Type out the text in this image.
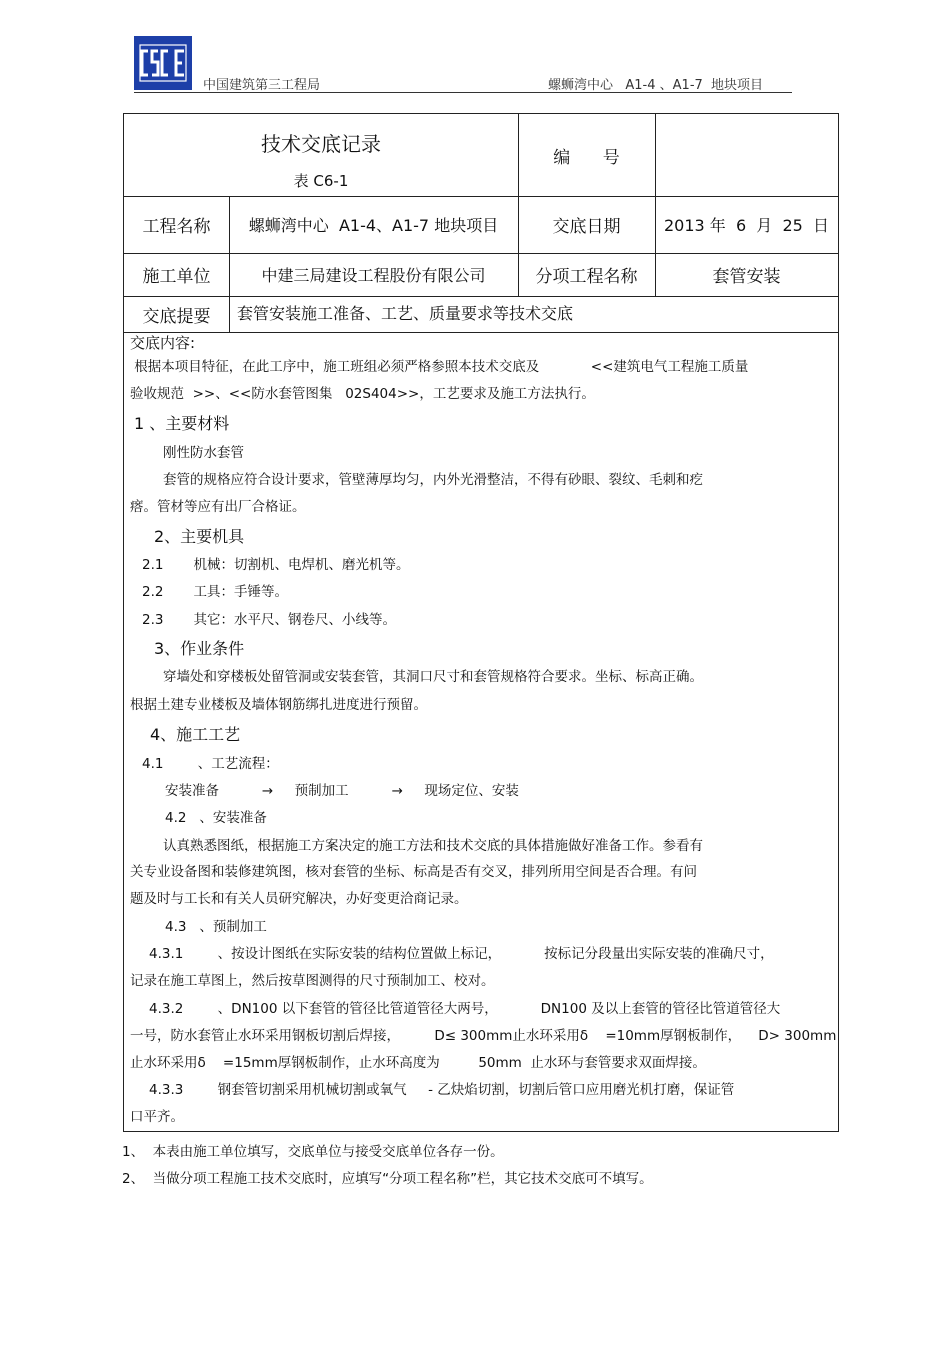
中国建筑第三工程局	螺蛳湾中心   A1-4 、A1-7  地块项目
技术交底记录
表 C6-1
编      号
工程名称	螺蛳湾中心  A1-4、A1-7 地块项目	交底日期	2013 年  6  月  25  日
施工单位	中建三局建设工程股份有限公司	分项工程名称	套管安装
交底提要	套管安装施工准备、工艺、质量要求等技术交底
交底内容:
根据本项目特征，在此工序中，施工班组必须严格参照本技术交底及            <<建筑电气工程施工质量
验收规范  >>、<<防水套管图集   02S404>>，工艺要求及施工方法执行。
1 、主要材料
刚性防水套管
套管的规格应符合设计要求，管壁薄厚均匀，内外光滑整洁，不得有砂眼、裂纹、毛刺和疙
瘩。管材等应有出厂合格证。
2、主要机具
2.1       机械：切割机、电焊机、磨光机等。
2.2       工具：手锤等。
2.3       其它：水平尺、钢卷尺、小线等。
3、作业条件
穿墙处和穿楼板处留管洞或安装套管，其洞口尺寸和套管规格符合要求。坐标、标高正确。
根据土建专业楼板及墙体钢筋绑扎进度进行预留。
4、施工工艺
4.1        、工艺流程：
安装准备          →     预制加工          →     现场定位、安装
4.2   、安装准备
认真熟悉图纸，根据施工方案决定的施工方法和技术交底的具体措施做好准备工作。参看有
关专业设备图和装修建筑图，核对套管的坐标、标高是否有交叉，排列所用空间是否合理。有问
题及时与工长和有关人员研究解决，办好变更洽商记录。
4.3   、预制加工
4.3.1        、按设计图纸在实际安装的结构位置做上标记，          按标记分段量出实际安装的准确尺寸，
记录在施工草图上，然后按草图测得的尺寸预制加工、校对。
4.3.2        、DN100 以下套管的管径比管道管径大两号，          DN100 及以上套管的管径比管道管径大
一号，防水套管止水环采用钢板切割后焊接，        D≤ 300mm止水环采用δ    =10mm厚钢板制作，    D> 300mm
止水环采用δ    =15mm厚钢板制作，止水环高度为         50mm  止水环与套管要求双面焊接。
4.3.3        钢套管切割采用机械切割或氧气     - 乙炔焰切割，切割后管口应用磨光机打磨，保证管
口平齐。
1、  本表由施工单位填写，交底单位与接受交底单位各存一份。
2、  当做分项工程施工技术交底时，应填写“分项工程名称”栏，其它技术交底可不填写。
